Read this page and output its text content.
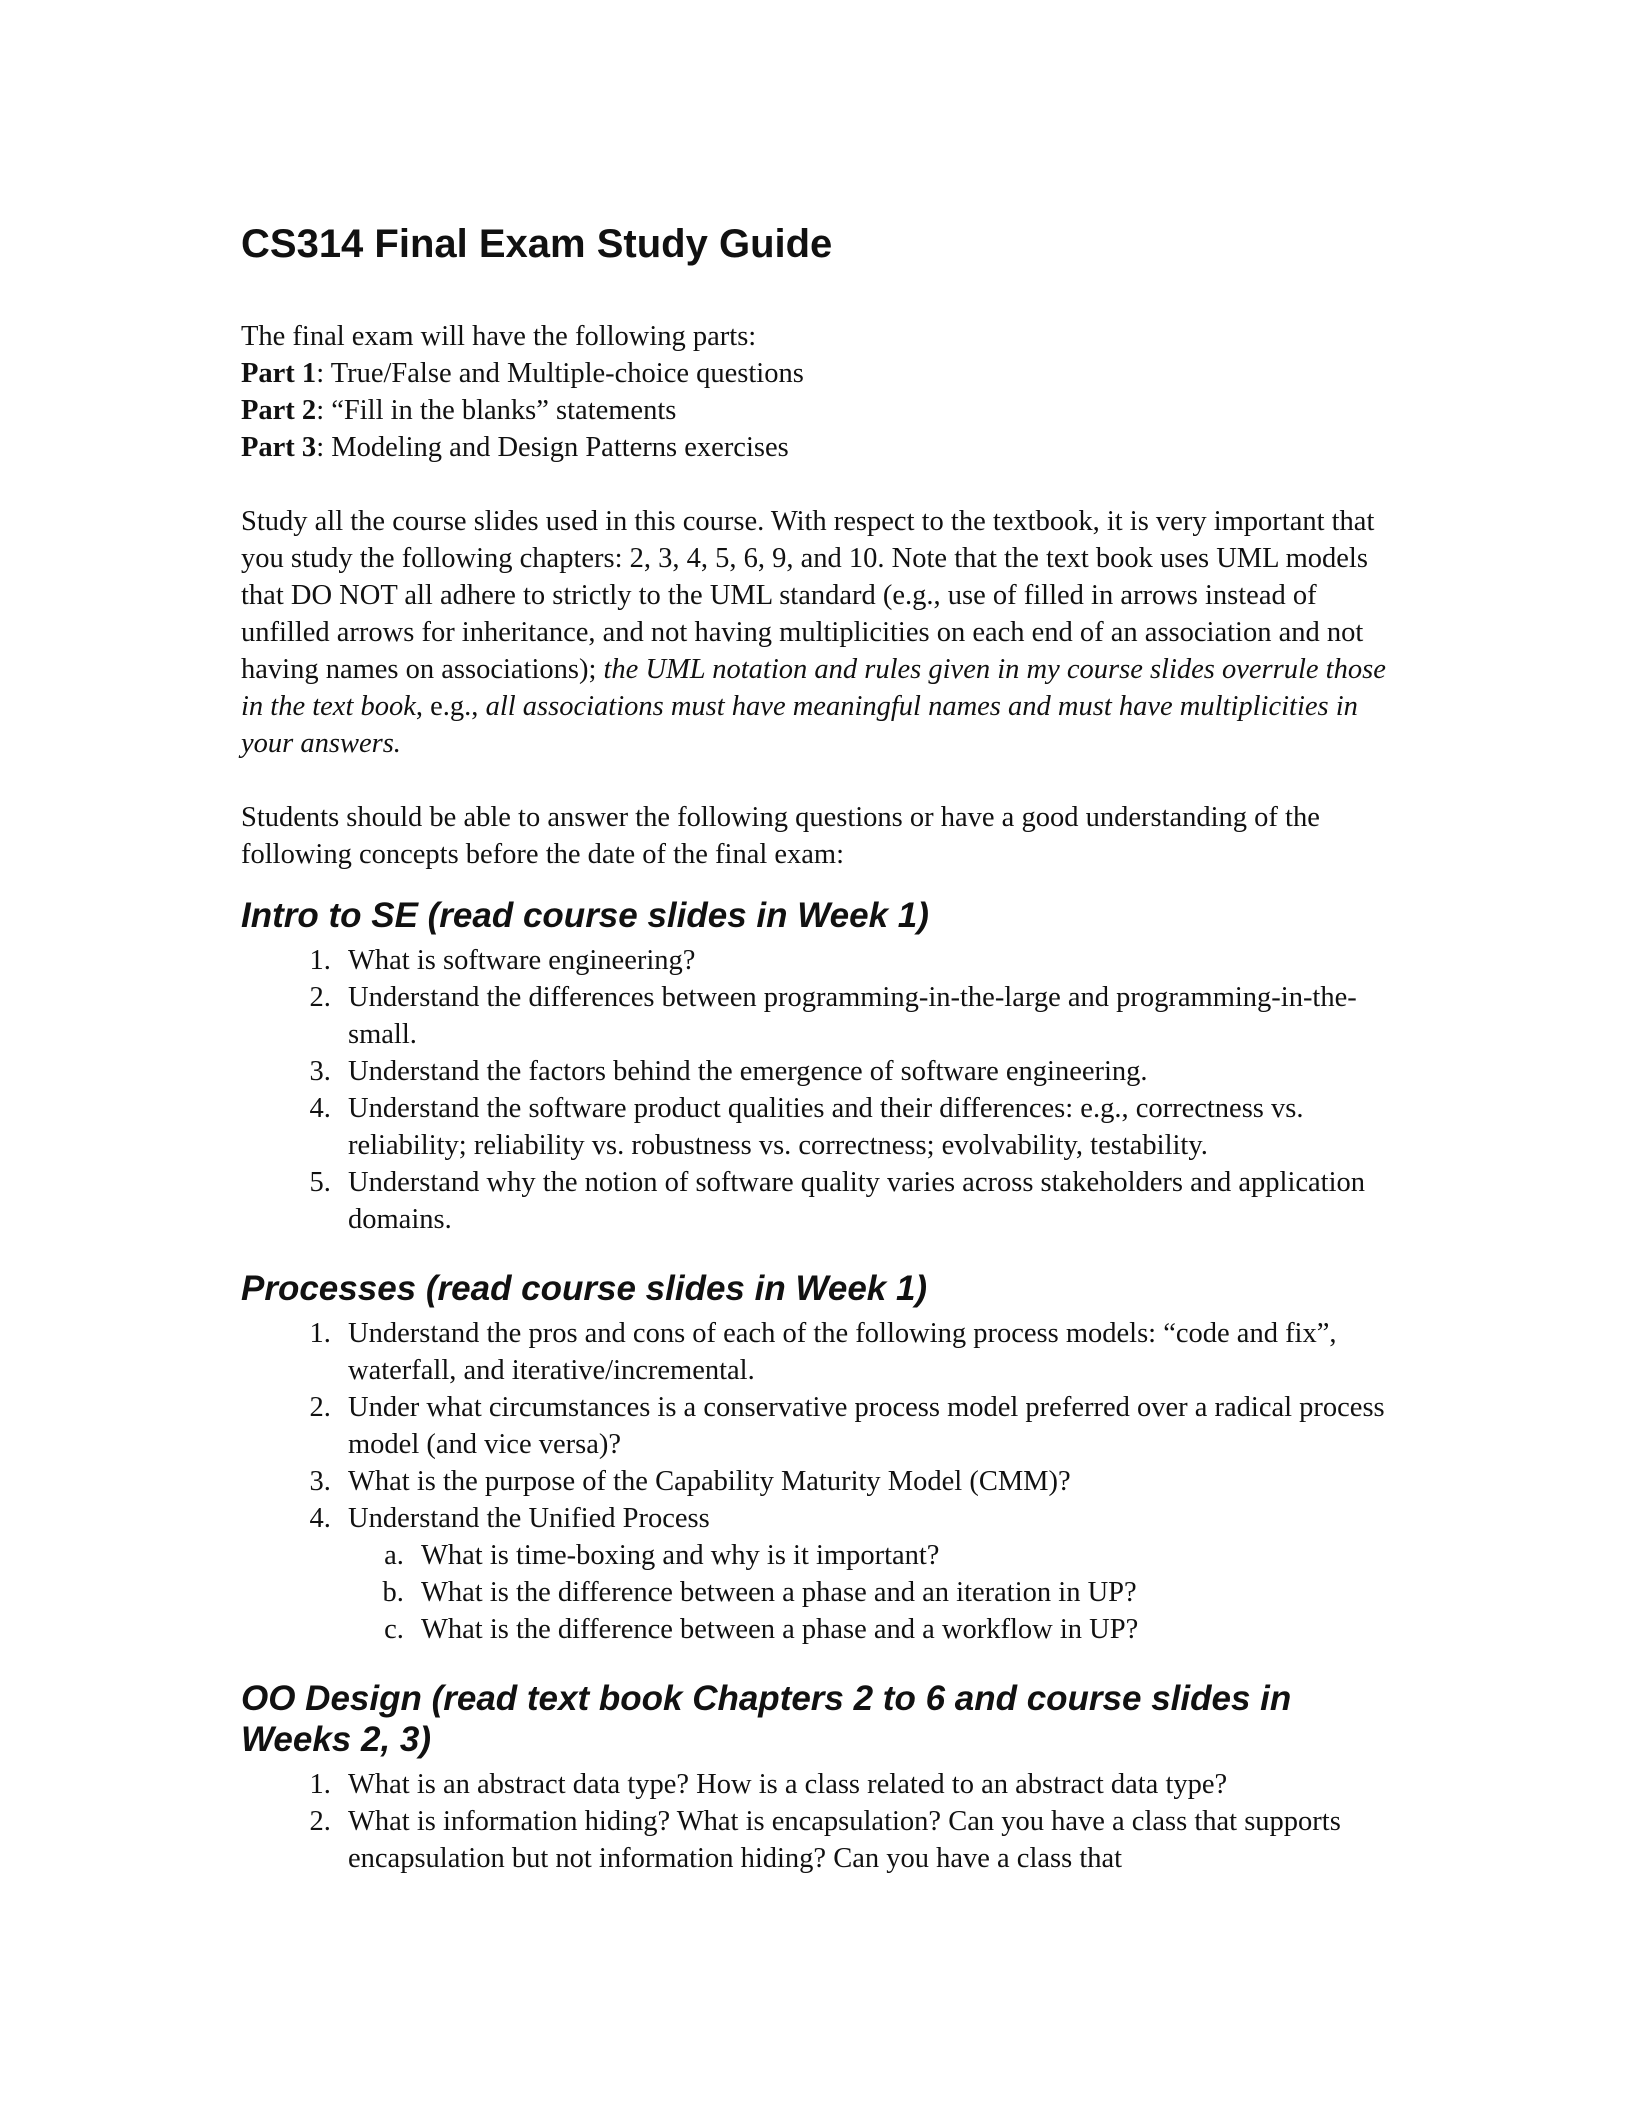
CS314 Final Exam Study Guide
The final exam will have the following parts:
Part 1: True/False and Multiple-choice questions
Part 2: “Fill in the blanks” statements
Part 3: Modeling and Design Patterns exercises

Study all the course slides used in this course. With respect to the textbook, it is very important that you study the following chapters: 2, 3, 4, 5, 6, 9, and 10. Note that the text book uses UML models that DO NOT all adhere to strictly to the UML standard (e.g., use of filled in arrows instead of unfilled arrows for inheritance, and not having multiplicities on each end of an association and not having names on associations); the UML notation and rules given in my course slides overrule those in the text book, e.g., all associations must have meaningful names and must have multiplicities in your answers.

Students should be able to answer the following questions or have a good understanding of the following concepts before the date of the final exam:

Intro to SE (read course slides in Week 1)
1. What is software engineering?
2. Understand the differences between programming-in-the-large and programming-in-the-small.
3. Understand the factors behind the emergence of software engineering.
4. Understand the software product qualities and their differences: e.g., correctness vs. reliability; reliability vs. robustness vs. correctness; evolvability, testability.
5. Understand why the notion of software quality varies across stakeholders and application domains.
Processes (read course slides in Week 1)
1. Understand the pros and cons of each of the following process models: “code and fix”, waterfall, and iterative/incremental.
2. Under what circumstances is a conservative process model preferred over a radical process model (and vice versa)?
3. What is the purpose of the Capability Maturity Model (CMM)?
4. Understand the Unified Process
a. What is time-boxing and why is it important?
b. What is the difference between a phase and an iteration in UP?
c. What is the difference between a phase and a workflow in UP?
OO Design (read text book Chapters 2 to 6 and course slides in Weeks 2, 3)
1. What is an abstract data type? How is a class related to an abstract data type?
2. What is information hiding? What is encapsulation? Can you have a class that supports encapsulation but not information hiding? Can you have a class that
